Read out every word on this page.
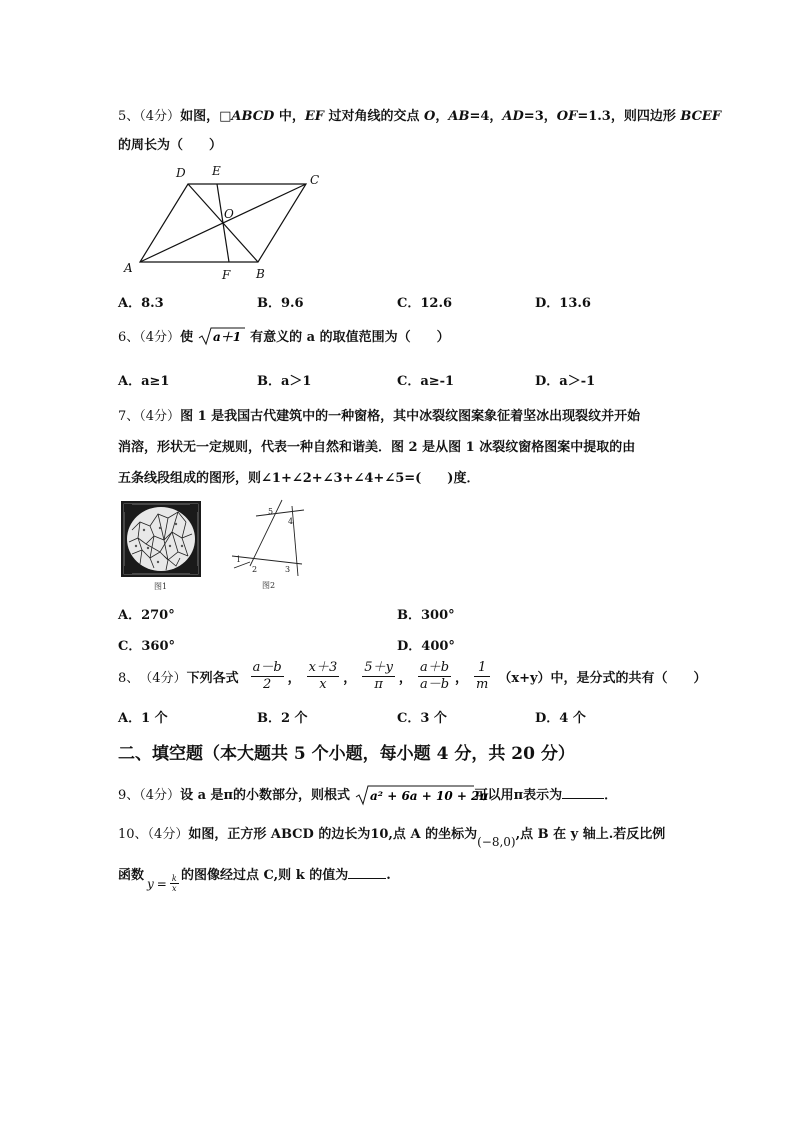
5、（4分）如图，□ABCD 中，EF 过对角线的交点 O，AB=4，AD=3，OF=1.3，则四边形 BCEF
的周长为（　　）
A	B
C
D E
F
O
A．8.3	B．9.6	C．12.6	D．13.6
6、（4分）使 a＋1 有意义的 a 的取值范围为（　　）
A．a≥1	B．a＞1	C．a≥-1	D．a＞-1
7、（4分）图 1 是我国古代建筑中的一种窗格，其中冰裂纹图案象征着坚冰出现裂纹并开始
消溶，形状无一定规则，代表一种自然和谐美．图 2 是从图 1 冰裂纹窗格图案中提取的由
五条线段组成的图形，则∠1+∠2+∠3+∠4+∠5=(　　)度．
图1
1
2	3
4
5
图2
A．270°	B．300°
C．360°	D．400°
8、 （4分） 下列各式 $\frac{a-b}{2}$ ， $\frac{x+3}{x}$ ， $\frac{5+y}{\pi}$ ， $\frac{a+b}{a-b}$ ， $\frac{1}{m} (x+y)$中，是分式的共有（　　）
A．1 个	B．2 个	C．3 个	D．4 个
二、填空题（本大题共 5 个小题，每小题 4 分，共 20 分）
9、（4分）设 a 是π的小数部分，则根式 a² + 6a + 10 + 2π
可以用π表示为	．
10、（4分）如图，正方形 ABCD 的边长为10,点 A 的坐标为(−8,0),点 B 在 y 轴上.若反比例
函数
$y = \frac{k}{x}$ 的图像经过点 C,则 k 的值为	.
